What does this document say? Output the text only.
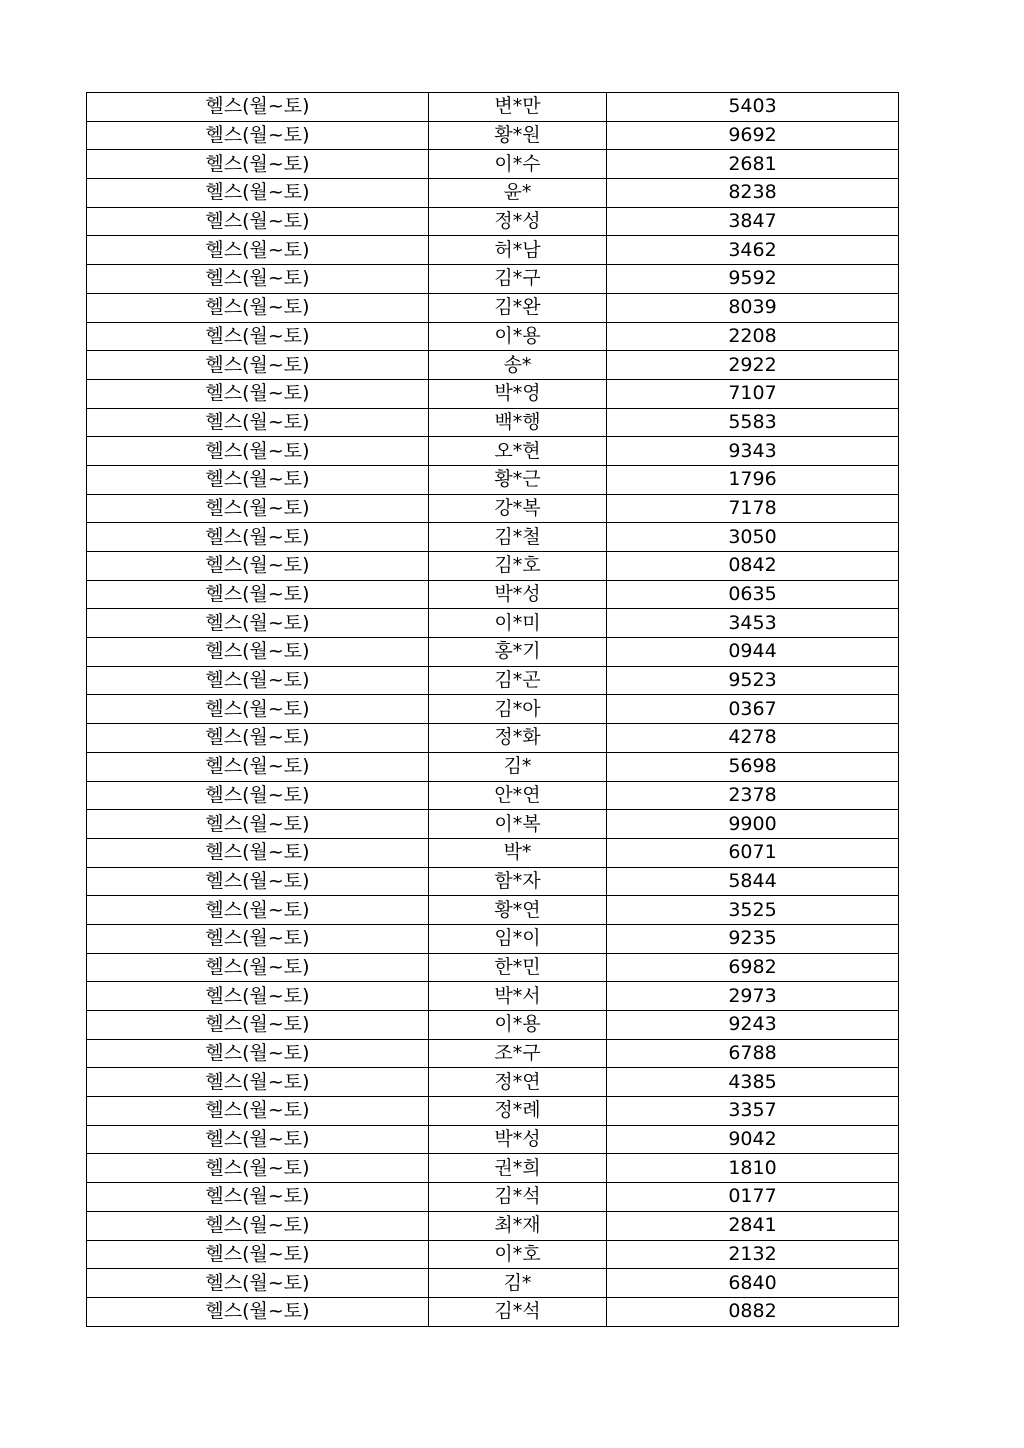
헬스(월~토)	변*만	5403
헬스(월~토)	황*원	9692
헬스(월~토)	이*수	2681
헬스(월~토)	윤*	8238
헬스(월~토)	정*성	3847
헬스(월~토)	허*남	3462
헬스(월~토)	김*구	9592
헬스(월~토)	김*완	8039
헬스(월~토)	이*용	2208
헬스(월~토)	송*	2922
헬스(월~토)	박*영	7107
헬스(월~토)	백*행	5583
헬스(월~토)	오*현	9343
헬스(월~토)	황*근	1796
헬스(월~토)	강*복	7178
헬스(월~토)	김*철	3050
헬스(월~토)	김*호	0842
헬스(월~토)	박*성	0635
헬스(월~토)	이*미	3453
헬스(월~토)	홍*기	0944
헬스(월~토)	김*곤	9523
헬스(월~토)	김*아	0367
헬스(월~토)	정*화	4278
헬스(월~토)	김*	5698
헬스(월~토)	안*연	2378
헬스(월~토)	이*복	9900
헬스(월~토)	박*	6071
헬스(월~토)	함*자	5844
헬스(월~토)	황*연	3525
헬스(월~토)	임*이	9235
헬스(월~토)	한*민	6982
헬스(월~토)	박*서	2973
헬스(월~토)	이*용	9243
헬스(월~토)	조*구	6788
헬스(월~토)	정*연	4385
헬스(월~토)	정*례	3357
헬스(월~토)	박*성	9042
헬스(월~토)	권*희	1810
헬스(월~토)	김*석	0177
헬스(월~토)	최*재	2841
헬스(월~토)	이*호	2132
헬스(월~토)	김*	6840
헬스(월~토)	김*석	0882
